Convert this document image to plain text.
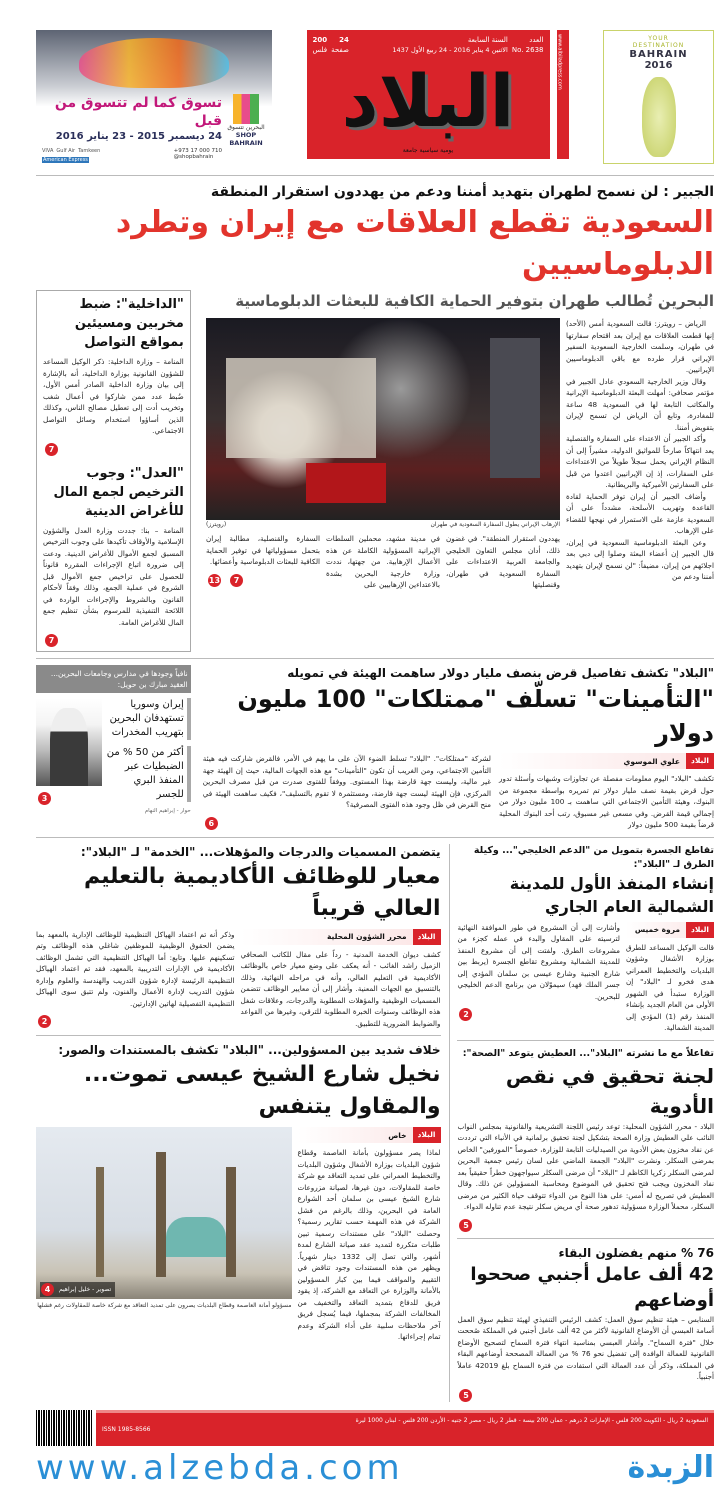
البحرين تتسوق
SHOP BAHRAIN
تسوق كما لم تتسوق من قبل
24 ديسمبر 2015 - 23 يناير 2016
+973 17 000 710
@shopbahrain
VIVA Gulf Air Tamkeen
American Express
العدد
No. 2638
السنة السابعة
الاثنين 4 يناير 2016 - 24 ربيع الأول 1437
24
صفحة
200
فلس
البلاد
يومية سياسية جامعة
www.albiladpress.com	YOUR
DESTINATION
BAHRAIN
2016
الجبير : لن نسمح لطهران بتهديد أمننا ودعم من يهددون استقرار المنطقة
السعودية تقطع العلاقات مع إيران وتطرد الدبلوماسيين
البحرين تُطالب طهران بتوفير الحماية الكافية للبعثات الدبلوماسية

الرياض – رويترز: قالت السعودية أمس (الأحد) إنها قطعت العلاقات مع إيران بعد اقتحام سفارتها في طهران، وسلمت الخارجية السعودية السفير الإيراني قرار طرده مع باقي الدبلوماسيين الإيرانيين.

وقال وزير الخارجية السعودي عادل الجبير في مؤتمر صحافي: أمهلت البعثة الدبلوماسية الإيرانية والمكاتب التابعة لها في السعودية 48 ساعة للمغادرة، وتابع أن الرياض لن تسمح لإيران بتقويض أمننا.

وأكد الجبير أن الاعتداء على السفارة والقنصلية يعد انتهاكاً صارخاً للمواثيق الدولية، مشيراً إلى أن النظام الإيراني يحمل سجلاً طويلاً من الاعتداءات على السفارات، إذ إن الإيرانيين اعتدوا من قبل على السفارتين الأميركية والبريطانية.

وأضاف الجبير أن إيران توفر الحماية لقادة القاعدة وتهريب الأسلحة، مشدداً على أن السعودية عازمة على الاستمرار في نهجها للقضاء على الإرهاب.

وعن البعثة الدبلوماسية السعودية في إيران، قال الجبير إن أعضاء البعثة وصلوا إلى دبي بعد اجلائهم من إيران، مضيفاً: "لن نسمح لإيران بتهديد أمننا ودعم من

الإرهاب الإيراني يطول السفارة السعودية في طهران
(رويترز)
يهددون استقرار المنطقة". في غضون ذلك، أدان مجلس التعاون الخليجي والجامعة العربية الاعتداءات على السفارة السعودية في طهران، وقنصليتها
في مدينة مشهد، محملين السلطات الإيرانية المسؤولية الكاملة عن هذه الأعمال الإرهابية. من جهتها، نددت وزارة خارجية البحرين بشدة بالاعتداءين الإرهابيين على
السفارة والقنصلية، مطالبة إيران بتحمل مسؤولياتها في توفير الحماية الكافية للبعثات الدبلوماسية وأعضائها.
13 7
"الداخلية": ضبط مخربين ومسيئين بمواقع التواصل
المنامة – وزارة الداخلية: ذكر الوكيل المساعد للشؤون القانونية بوزارة الداخلية، أنه بالإشارة إلى بيان وزارة الداخلية الصادر أمس الأول، ضُبط عدد ممن شاركوا في أعمال شغب وتخريب أدت إلى تعطيل مصالح الناس، وكذلك الذين أساؤوا استخدام وسائل التواصل الاجتماعي.
7
"العدل": وجوب الترخيص لجمع المال للأغراض الدينية
المنامة – بنا: جددت وزارة العدل والشؤون الإسلامية والأوقاف تأكيدها على وجوب الترخيص المسبق لجمع الأموال للأغراض الدينية. ودعت إلى ضرورة اتباع الإجراءات المقررة قانوناً للحصول على تراخيص جمع الأموال قبل الشروع في عملية الجمع، وذلك وفقاً لأحكام القانون وبالشروط والإجراءات الواردة في اللائحة التنفيذية للمرسوم بشأن تنظيم جمع المال للأغراض العامة.
7
"البلاد" تكشف تفاصيل قرض بنصف مليار دولار ساهمت الهيئة في تمويله
"التأمينات" تسلّف "ممتلكات" 100 مليون دولار
البلاد
علوي الموسوي
تكشف "البلاد" اليوم معلومات مفصلة عن تجاوزات وشبهات وأسئلة تدور حول قرض بقيمة نصف مليار دولار تم تمريره بواسطة مجموعة من البنوك، وهيئة التأمين الاجتماعي التي ساهمت بـ 100 مليون دولار من إجمالي قيمة القرض. وفي مسعى غير مسبوق، رتب أحد البنوك المحلية قرضاً بقيمة 500 مليون دولار
لشركة "ممتلكات". "البلاد" تسلط الضوء الآن على ما يهم في الأمر، فالقرض شاركت فيه هيئة التأمين الاجتماعي، ومن الغريب أن تكون "التأمينات" مع هذه الجهات المالية، حيث إن الهيئة جهة غير مالية، وليست جهة قارضة بهذا المستوى. ووفقاً للفتوى صدرت من قبل مصرف البحرين المركزي، فإن الهيئة ليست جهة قارضة، ومستثمرة لا تقوم بالتسليف"، فكيف ساهمت الهيئة في منح القرض في ظل وجود هذه الفتوى المصرفية؟
6
نافياً وجودها في مدارس وجامعات البحرين... العقيد مبارك بن حويل:
إيران وسوريا تستهدفان البحرين بتهريب المخدرات
أكثر من 50 % من الضبطيات عبر المنفذ البري للجسر
حوار - إبراهيم النهام
3
تقاطع الجسرة بتمويل من "الدعم الخليجي"... وكيلة الطرق لـ "البلاد":
إنشاء المنفذ الأول للمدينة الشمالية العام الجاري
البلاد
مروة خميس
قالت الوكيل المساعد للطرق بوزارة الأشغال وشؤون البلديات والتخطيط العمراني هدى فخرو لـ "البلاد" إن الوزارة ستبدأ في الشهور الأولى من العام الجديد بإنشاء المنفذ رقم (1) المؤدي إلى المدينة الشمالية.
وأشارت إلى أن المشروع في طور الموافقة النهائية لترسيته على المقاول والبدء في عمله كجزء من مشروعات الطرق. ولفتت إلى أن مشروع المنفذ للمدينة الشمالية ومشروع تقاطع الجسرة (يربط بين شارع الجنبية وشارع عيسى بن سلمان المؤدي إلى جسر الملك فهد) سيموّلان من برنامج الدعم الخليجي للبحرين.
2
تفاعلاً مع ما نشرته "البلاد"... العطيش يتوعد "الصحة":
لجنة تحقيق في نقص الأدوية
البلاد - محرر الشؤون المحلية: توعد رئيس اللجنة التشريعية والقانونية بمجلس النواب النائب علي العطيش وزارة الصحة بتشكيل لجنة تحقيق برلمانية في الأنباء التي ترددت عن نفاد مخزون بعض الأدوية من الصيدليات التابعة للوزارة، خصوصاً "المورفين" الخاص بمرضى السكلر. ونشرت "البلاد" الجمعة الماضي على لسان رئيس جمعية البحرين لمرضى السكلر زكريا الكاظم لـ "البلاد" أن مرضى السكلر سيواجهون خطراً حقيقياً بعد نفاد المخزون ويجب فتح تحقيق في الموضوع ومحاسبة المسؤولين عن ذلك. وقال العطيش في تصريح له أمس: على هذا النوع من الدواء تتوقف حياة الكثير من مرضى السكلر، محملاً الوزارة مسؤولية تدهور صحة أي مريض سكلر نتيجة عدم تناوله الدواء.
5
76 % منهم يفضلون البقاء
42 ألف عامل أجنبي صححوا أوضاعهم
السنابس – هيئة تنظيم سوق العمل: كشف الرئيس التنفيذي لهيئة تنظيم سوق العمل أسامة العبسي أن الأوضاع القانونية لأكثر من 42 ألف عامل أجنبي في المملكة صُححت خلال "فترة السماح". وأشار العبسي بمناسبة انتهاء فترة السماح لتصحيح الأوضاع القانونية للعمالة الوافدة إلى تفضيل نحو 76 % من العمالة المصححة أوضاعهم البقاء في المملكة، وذكر أن عدد العمالة التي استفادت من فترة السماح بلغ 42019 عاملاً أجنبياً.
5
يتضمن المسميات والدرجات والمؤهلات... "الخدمة" لـ "البلاد":
معيار للوظائف الأكاديمية بالتعليم العالي قريباً
البلاد
محرر الشؤون المحلية
كشف ديوان الخدمة المدنية - رداً على مقال للكاتب الصحافي الزميل راشد الغائب - أنه يعكف على وضع معيار خاص بالوظائف الأكاديمية في التعليم العالي، وأنه في مراحله النهائية، وذلك بالتنسيق مع الجهات المعنية. وأشار إلى أن معايير الوظائف تتضمن المسميات الوظيفية والمؤهلات المطلوبة والدرجات، وعلاقات شغل هذه الوظائف وسنوات الخبرة المطلوبة للترقي، وغيرها من القواعد والضوابط الضرورية للتطبيق.
وذكر أنه تم اعتماد الهياكل التنظيمية للوظائف الإدارية بالمعهد بما يضمن الحقوق الوظيفية للموظفين شاغلي هذه الوظائف وتم تسكينهم عليها. وتابع: أما الهياكل التنظيمية التي تشمل الوظائف الأكاديمية في الإدارات التدريبية بالمعهد، فقد تم اعتماد الهياكل التنظيمية الرئيسة لإدارة شؤون التدريب والهندسة والعلوم وإدارة شؤون التدريب لإدارة الأعمال والفنون، ولم تتبق سوى الهياكل التنظيمية التفصيلية لهاتين الإدارتين.
2
خلاف شديد بين المسؤولين... "البلاد" تكشف بالمستندات والصور:
نخيل شارع الشيخ عيسى تموت... والمقاول يتنفس
البلاد
خاص
لماذا يصر مسؤولون بأمانة العاصمة وقطاع شؤون البلديات بوزارة الأشغال وشؤون البلديات والتخطيط العمراني على تمديد التعاقد مع شركة خاصة للمقاولات، دون غيرها، لصيانة مزروعات شارع الشيخ عيسى بن سلمان أحد الشوارع العامة في البحرين، وذلك بالرغم من فشل الشركة في هذه المهمة حسب تقارير رسمية؟ وحصلت "البلاد" على مستندات رسمية تبين طلبات متكررة لتمديد عقد صيانة الشارع لمدة أشهر، والتي تصل إلى 1332 دينار شهرياً. ويظهر من هذه المستندات وجود تناقض في التقييم والمواقف فيما بين كبار المسؤولين بالأمانة والوزارة عن التعاقد مع الشركة، إذ يقود فريق للدفاع بتمديد التعاقد والتخفيف من المخالفات الشركة بمجملها، فيما يُسجل فريق آخر ملاحظات سلبية على أداء الشركة وعدم تمام إجراءاتها.
4	تصوير - خليل إبراهيم
مسؤولو أمانة العاصمة وقطاع البلديات يصرون على تمديد التعاقد مع شركة خاصة للمقاولات رغم فشلها
السعودية 2 ريال - الكويت 200 فلس - الإمارات 2 درهم - عمان 200 بيسة - قطر 2 ريال - مصر 2 جنيه - الأردن 200 فلس - لبنان 1000 ليرة
ISSN 1985-8566
www.alzebda.com	الزبدة
